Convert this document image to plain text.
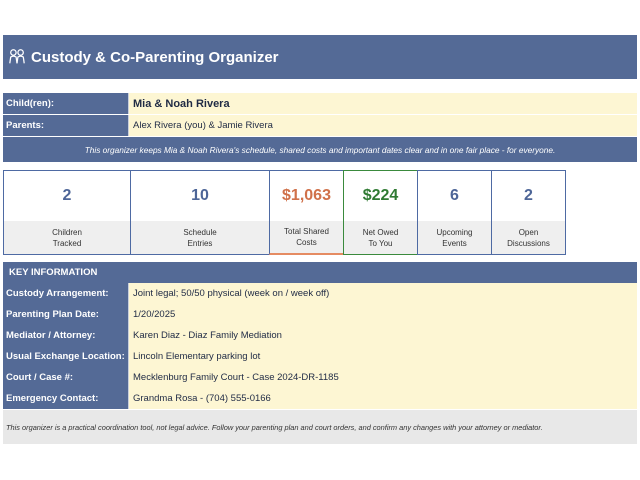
Custody & Co-Parenting Organizer
Child(ren):	Mia & Noah Rivera
Parents:	Alex Rivera (you) & Jamie Rivera
This organizer keeps Mia & Noah Rivera's schedule, shared costs and important dates clear and in one fair place - for everyone.
2
Children
Tracked
10
Schedule
Entries
$1,063
Total Shared
Costs
$224
Net Owed
To You
6
Upcoming
Events
2
Open
Discussions
KEY INFORMATION
Custody Arrangement:	Joint legal; 50/50 physical (week on / week off)
Parenting Plan Date:	1/20/2025
Mediator / Attorney:	Karen Diaz - Diaz Family Mediation
Usual Exchange Location: Lincoln Elementary parking lot
Court / Case #:	Mecklenburg Family Court - Case 2024-DR-1185
Emergency Contact:	Grandma Rosa - (704) 555-0166
This organizer is a practical coordination tool, not legal advice. Follow your parenting plan and court orders, and confirm any changes with your attorney or mediator.
